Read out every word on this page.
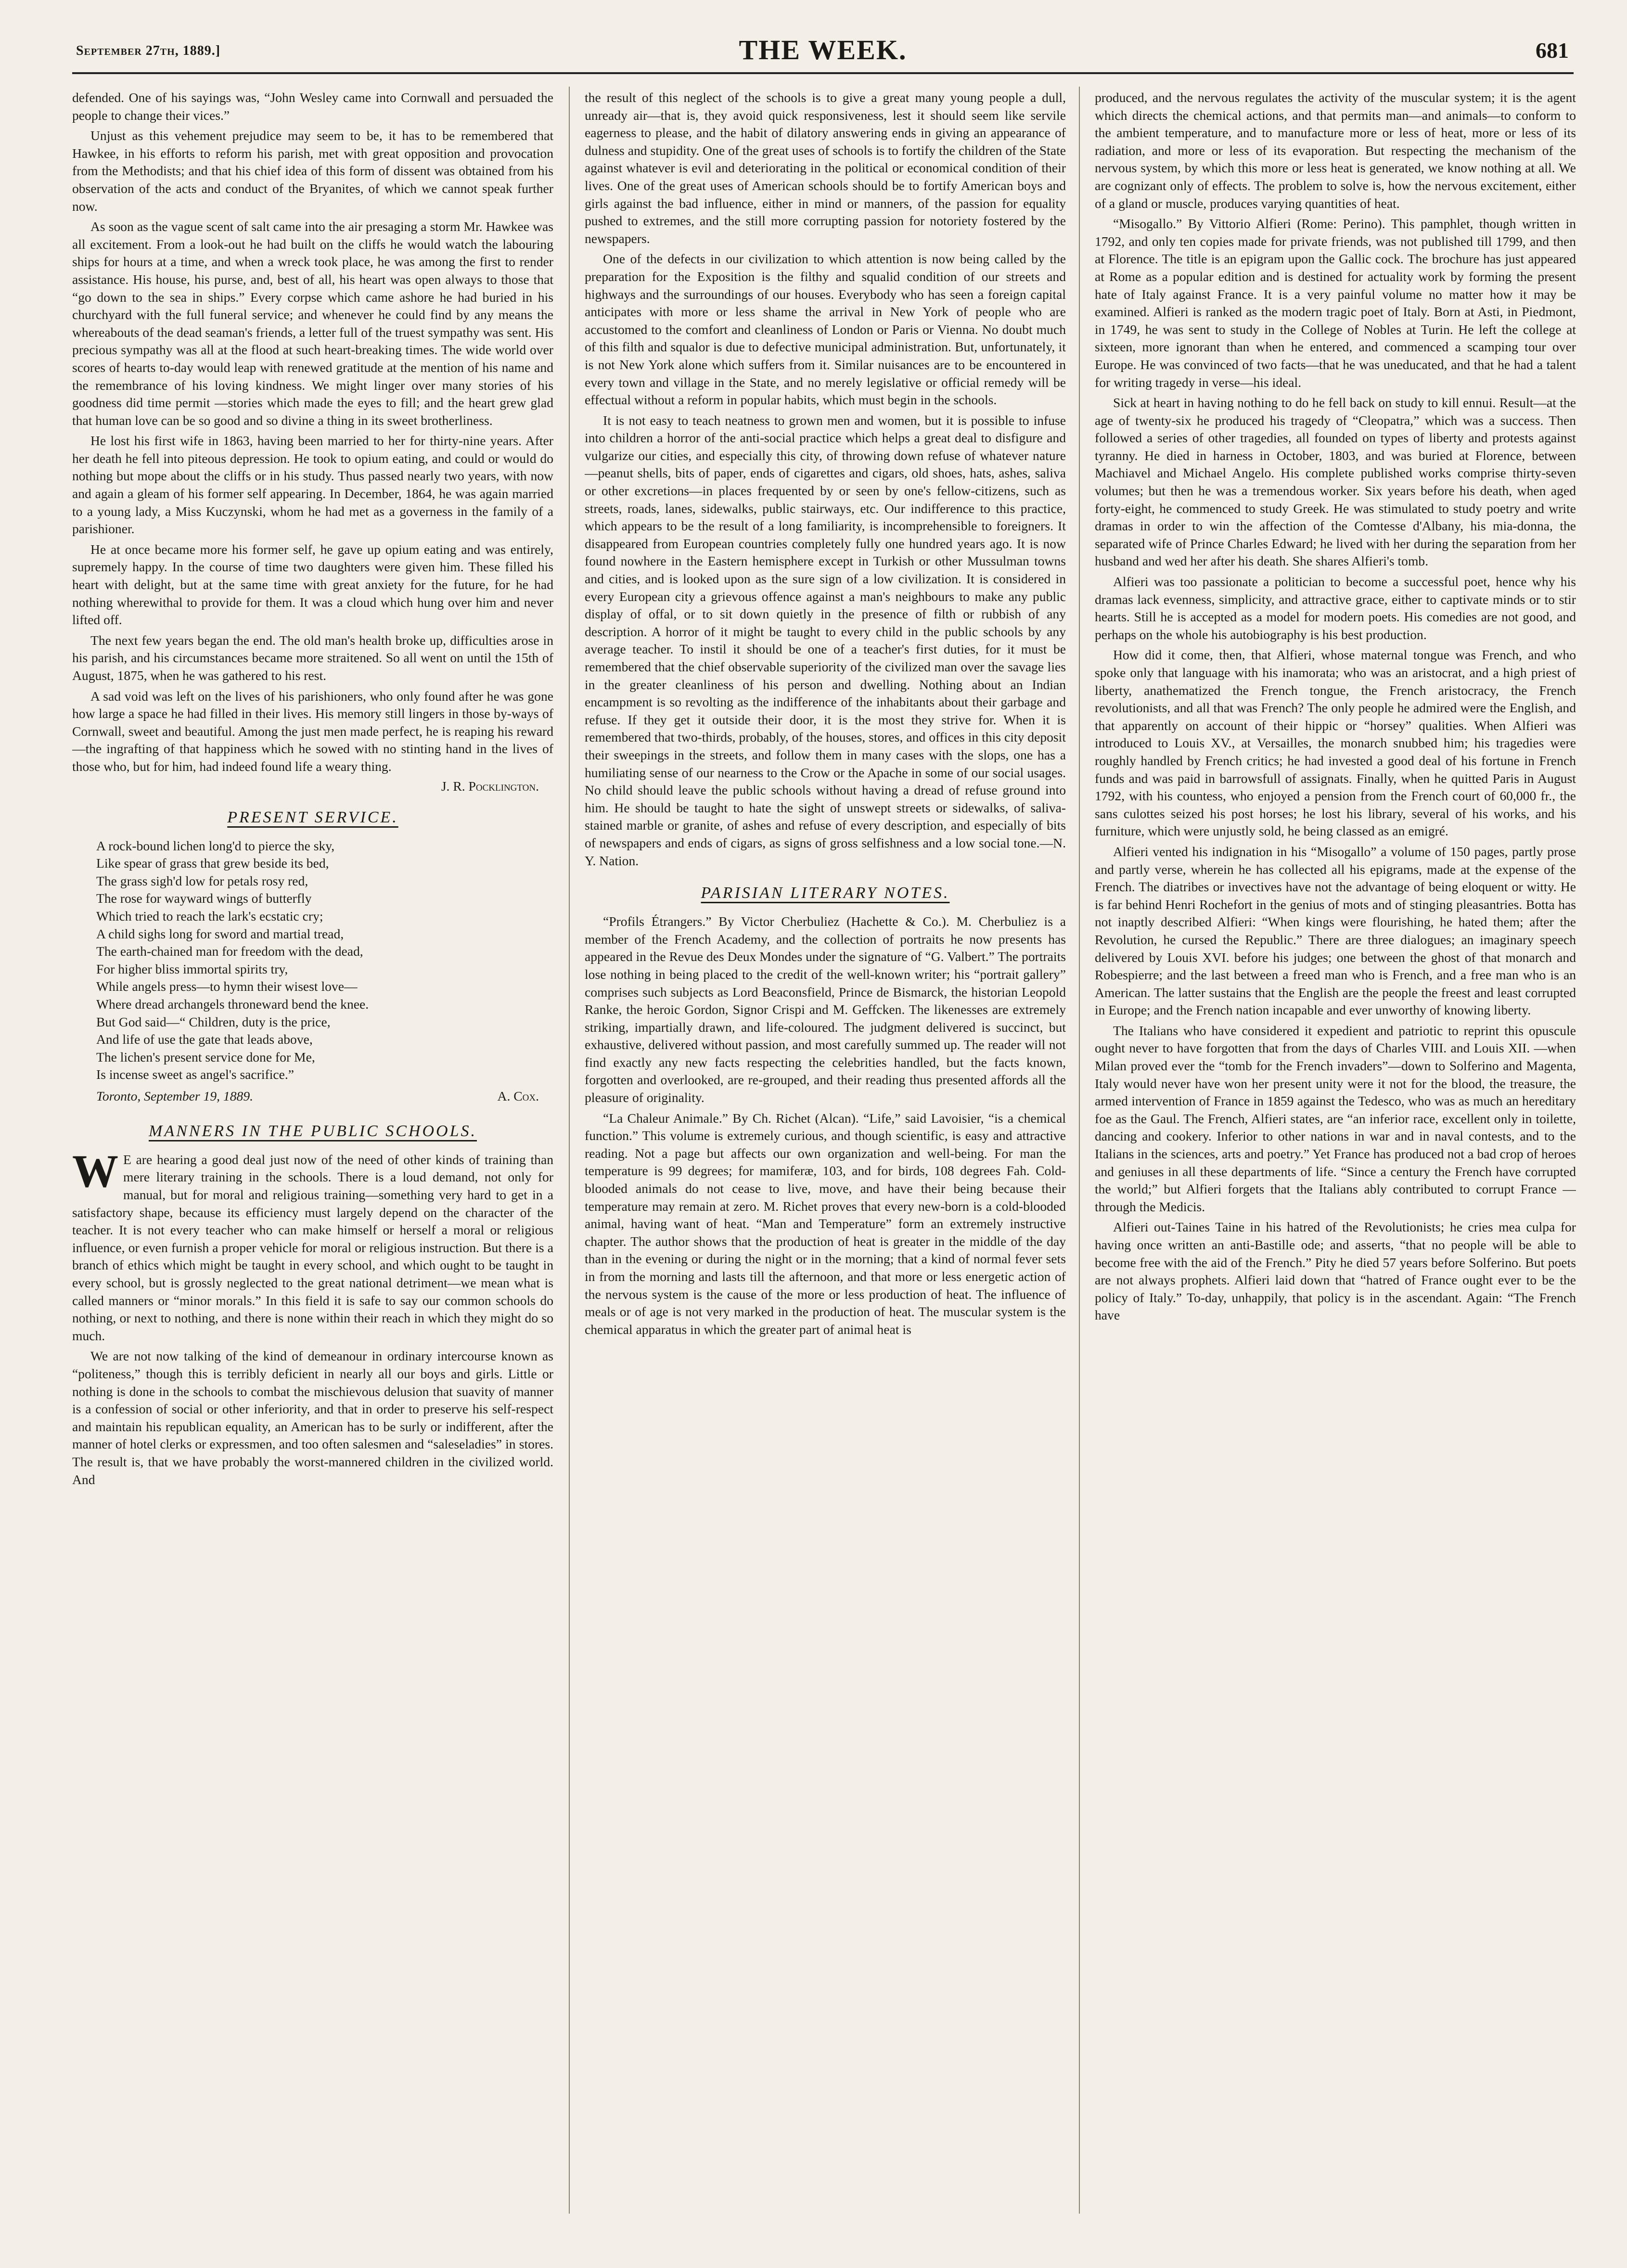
September 27th, 1889.]	THE WEEK.	681

defended. One of his sayings was, “John Wesley came into Cornwall and persuaded the people to change their vices.”

Unjust as this vehement prejudice may seem to be, it has to be remembered that Hawkee, in his efforts to reform his parish, met with great opposition and provocation from the Methodists; and that his chief idea of this form of dissent was obtained from his observation of the acts and conduct of the Bryanites, of which we cannot speak further now.

As soon as the vague scent of salt came into the air presaging a storm Mr. Hawkee was all excitement. From a look-out he had built on the cliffs he would watch the labouring ships for hours at a time, and when a wreck took place, he was among the first to render assistance. His house, his purse, and, best of all, his heart was open always to those that “go down to the sea in ships.” Every corpse which came ashore he had buried in his churchyard with the full funeral service; and whenever he could find by any means the whereabouts of the dead seaman's friends, a letter full of the truest sympathy was sent. His precious sympathy was all at the flood at such heart-breaking times. The wide world over scores of hearts to-day would leap with renewed gratitude at the mention of his name and the remembrance of his loving kindness. We might linger over many stories of his goodness did time permit —stories which made the eyes to fill; and the heart grew glad that human love can be so good and so divine a thing in its sweet brotherliness.

He lost his first wife in 1863, having been married to her for thirty-nine years. After her death he fell into piteous depression. He took to opium eating, and could or would do nothing but mope about the cliffs or in his study. Thus passed nearly two years, with now and again a gleam of his former self appearing. In December, 1864, he was again married to a young lady, a Miss Kuczynski, whom he had met as a governess in the family of a parishioner.

He at once became more his former self, he gave up opium eating and was entirely, supremely happy. In the course of time two daughters were given him. These filled his heart with delight, but at the same time with great anxiety for the future, for he had nothing wherewithal to provide for them. It was a cloud which hung over him and never lifted off.

The next few years began the end. The old man's health broke up, difficulties arose in his parish, and his circumstances became more straitened. So all went on until the 15th of August, 1875, when he was gathered to his rest.

A sad void was left on the lives of his parishioners, who only found after he was gone how large a space he had filled in their lives. His memory still lingers in those by-ways of Cornwall, sweet and beautiful. Among the just men made perfect, he is reaping his reward—the ingrafting of that happiness which he sowed with no stinting hand in the lives of those who, but for him, had indeed found life a weary thing.

J. R. Pocklington.
PRESENT SERVICE.
A rock-bound lichen long'd to pierce the sky,
Like spear of grass that grew beside its bed,
The grass sigh'd low for petals rosy red,
The rose for wayward wings of butterfly
Which tried to reach the lark's ecstatic cry;
A child sighs long for sword and martial tread,
The earth-chained man for freedom with the dead,
For higher bliss immortal spirits try,
While angels press—to hymn their wisest love—
Where dread archangels throneward bend the knee.
But God said—“ Children, duty is the price,
And life of use the gate that leads above,
The lichen's present service done for Me,
Is incense sweet as angel's sacrifice.”
Toronto, September 19, 1889.	A. Cox.
MANNERS IN THE PUBLIC SCHOOLS.

W E are hearing a good deal just now of the need of other kinds of training than mere literary training in the schools. There is a loud demand, not only for manual, but for moral and religious training—something very hard to get in a satisfactory shape, because its efficiency must largely depend on the character of the teacher. It is not every teacher who can make himself or herself a moral or religious influence, or even furnish a proper vehicle for moral or religious instruction. But there is a branch of ethics which might be taught in every school, and which ought to be taught in every school, but is grossly neglected to the great national detriment—we mean what is called manners or “minor morals.” In this field it is safe to say our common schools do nothing, or next to nothing, and there is none within their reach in which they might do so much.

We are not now talking of the kind of demeanour in ordinary intercourse known as “politeness,” though this is terribly deficient in nearly all our boys and girls. Little or nothing is done in the schools to combat the mischievous delusion that suavity of manner is a confession of social or other inferiority, and that in order to preserve his self-respect and maintain his republican equality, an American has to be surly or indifferent, after the manner of hotel clerks or expressmen, and too often salesmen and “saleseladies” in stores. The result is, that we have probably the worst-mannered children in the civilized world. And

the result of this neglect of the schools is to give a great many young people a dull, unready air—that is, they avoid quick responsiveness, lest it should seem like servile eagerness to please, and the habit of dilatory answering ends in giving an appearance of dulness and stupidity. One of the great uses of schools is to fortify the children of the State against whatever is evil and deteriorating in the political or economical condition of their lives. One of the great uses of American schools should be to fortify American boys and girls against the bad influence, either in mind or manners, of the passion for equality pushed to extremes, and the still more corrupting passion for notoriety fostered by the newspapers.

One of the defects in our civilization to which attention is now being called by the preparation for the Exposition is the filthy and squalid condition of our streets and highways and the surroundings of our houses. Everybody who has seen a foreign capital anticipates with more or less shame the arrival in New York of people who are accustomed to the comfort and cleanliness of London or Paris or Vienna. No doubt much of this filth and squalor is due to defective municipal administration. But, unfortunately, it is not New York alone which suffers from it. Similar nuisances are to be encountered in every town and village in the State, and no merely legislative or official remedy will be effectual without a reform in popular habits, which must begin in the schools.

It is not easy to teach neatness to grown men and women, but it is possible to infuse into children a horror of the anti-social practice which helps a great deal to disfigure and vulgarize our cities, and especially this city, of throwing down refuse of whatever nature—peanut shells, bits of paper, ends of cigarettes and cigars, old shoes, hats, ashes, saliva or other excretions—in places frequented by or seen by one's fellow-citizens, such as streets, roads, lanes, sidewalks, public stairways, etc. Our indifference to this practice, which appears to be the result of a long familiarity, is incomprehensible to foreigners. It disappeared from European countries completely fully one hundred years ago. It is now found nowhere in the Eastern hemisphere except in Turkish or other Mussulman towns and cities, and is looked upon as the sure sign of a low civilization. It is considered in every European city a grievous offence against a man's neighbours to make any public display of offal, or to sit down quietly in the presence of filth or rubbish of any description. A horror of it might be taught to every child in the public schools by any average teacher. To instil it should be one of a teacher's first duties, for it must be remembered that the chief observable superiority of the civilized man over the savage lies in the greater cleanliness of his person and dwelling. Nothing about an Indian encampment is so revolting as the indifference of the inhabitants about their garbage and refuse. If they get it outside their door, it is the most they strive for. When it is remembered that two-thirds, probably, of the houses, stores, and offices in this city deposit their sweepings in the streets, and follow them in many cases with the slops, one has a humiliating sense of our nearness to the Crow or the Apache in some of our social usages. No child should leave the public schools without having a dread of refuse ground into him. He should be taught to hate the sight of unswept streets or sidewalks, of saliva-stained marble or granite, of ashes and refuse of every description, and especially of bits of newspapers and ends of cigars, as signs of gross selfishness and a low social tone.—N. Y. Nation.

PARISIAN LITERARY NOTES.

“Profils Étrangers.” By Victor Cherbuliez (Hachette & Co.). M. Cherbuliez is a member of the French Academy, and the collection of portraits he now presents has appeared in the Revue des Deux Mondes under the signature of “G. Valbert.” The portraits lose nothing in being placed to the credit of the well-known writer; his “portrait gallery” comprises such subjects as Lord Beaconsfield, Prince de Bismarck, the historian Leopold Ranke, the heroic Gordon, Signor Crispi and M. Geffcken. The likenesses are extremely striking, impartially drawn, and life-coloured. The judgment delivered is succinct, but exhaustive, delivered without passion, and most carefully summed up. The reader will not find exactly any new facts respecting the celebrities handled, but the facts known, forgotten and overlooked, are re-grouped, and their reading thus presented affords all the pleasure of originality.

“La Chaleur Animale.” By Ch. Richet (Alcan). “Life,” said Lavoisier, “is a chemical function.” This volume is extremely curious, and though scientific, is easy and attractive reading. Not a page but affects our own organization and well-being. For man the temperature is 99 degrees; for mamiferæ, 103, and for birds, 108 degrees Fah. Cold-blooded animals do not cease to live, move, and have their being because their temperature may remain at zero. M. Richet proves that every new-born is a cold-blooded animal, having want of heat. “Man and Temperature” form an extremely instructive chapter. The author shows that the production of heat is greater in the middle of the day than in the evening or during the night or in the morning; that a kind of normal fever sets in from the morning and lasts till the afternoon, and that more or less energetic action of the nervous system is the cause of the more or less production of heat. The influence of meals or of age is not very marked in the production of heat. The muscular system is the chemical apparatus in which the greater part of animal heat is

produced, and the nervous regulates the activity of the muscular system; it is the agent which directs the chemical actions, and that permits man—and animals—to conform to the ambient temperature, and to manufacture more or less of heat, more or less of its radiation, and more or less of its evaporation. But respecting the mechanism of the nervous system, by which this more or less heat is generated, we know nothing at all. We are cognizant only of effects. The problem to solve is, how the nervous excitement, either of a gland or muscle, produces varying quantities of heat.

“Misogallo.” By Vittorio Alfieri (Rome: Perino). This pamphlet, though written in 1792, and only ten copies made for private friends, was not published till 1799, and then at Florence. The title is an epigram upon the Gallic cock. The brochure has just appeared at Rome as a popular edition and is destined for actuality work by forming the present hate of Italy against France. It is a very painful volume no matter how it may be examined. Alfieri is ranked as the modern tragic poet of Italy. Born at Asti, in Piedmont, in 1749, he was sent to study in the College of Nobles at Turin. He left the college at sixteen, more ignorant than when he entered, and commenced a scamping tour over Europe. He was convinced of two facts—that he was uneducated, and that he had a talent for writing tragedy in verse—his ideal.

Sick at heart in having nothing to do he fell back on study to kill ennui. Result—at the age of twenty-six he produced his tragedy of “Cleopatra,” which was a success. Then followed a series of other tragedies, all founded on types of liberty and protests against tyranny. He died in harness in October, 1803, and was buried at Florence, between Machiavel and Michael Angelo. His complete published works comprise thirty-seven volumes; but then he was a tremendous worker. Six years before his death, when aged forty-eight, he commenced to study Greek. He was stimulated to study poetry and write dramas in order to win the affection of the Comtesse d'Albany, his mia-donna, the separated wife of Prince Charles Edward; he lived with her during the separation from her husband and wed her after his death. She shares Alfieri's tomb.

Alfieri was too passionate a politician to become a successful poet, hence why his dramas lack evenness, simplicity, and attractive grace, either to captivate minds or to stir hearts. Still he is accepted as a model for modern poets. His comedies are not good, and perhaps on the whole his autobiography is his best production.

How did it come, then, that Alfieri, whose maternal tongue was French, and who spoke only that language with his inamorata; who was an aristocrat, and a high priest of liberty, anathematized the French tongue, the French aristocracy, the French revolutionists, and all that was French? The only people he admired were the English, and that apparently on account of their hippic or “horsey” qualities. When Alfieri was introduced to Louis XV., at Versailles, the monarch snubbed him; his tragedies were roughly handled by French critics; he had invested a good deal of his fortune in French funds and was paid in barrowsfull of assignats. Finally, when he quitted Paris in August 1792, with his countess, who enjoyed a pension from the French court of 60,000 fr., the sans culottes seized his post horses; he lost his library, several of his works, and his furniture, which were unjustly sold, he being classed as an emigré.

Alfieri vented his indignation in his “Misogallo” a volume of 150 pages, partly prose and partly verse, wherein he has collected all his epigrams, made at the expense of the French. The diatribes or invectives have not the advantage of being eloquent or witty. He is far behind Henri Rochefort in the genius of mots and of stinging pleasantries. Botta has not inaptly described Alfieri: “When kings were flourishing, he hated them; after the Revolution, he cursed the Republic.” There are three dialogues; an imaginary speech delivered by Louis XVI. before his judges; one between the ghost of that monarch and Robespierre; and the last between a freed man who is French, and a free man who is an American. The latter sustains that the English are the people the freest and least corrupted in Europe; and the French nation incapable and ever unworthy of knowing liberty.

The Italians who have considered it expedient and patriotic to reprint this opuscule ought never to have forgotten that from the days of Charles VIII. and Louis XII. —when Milan proved ever the “tomb for the French invaders”—down to Solferino and Magenta, Italy would never have won her present unity were it not for the blood, the treasure, the armed intervention of France in 1859 against the Tedesco, who was as much an hereditary foe as the Gaul. The French, Alfieri states, are “an inferior race, excellent only in toilette, dancing and cookery. Inferior to other nations in war and in naval contests, and to the Italians in the sciences, arts and poetry.” Yet France has produced not a bad crop of heroes and geniuses in all these departments of life. “Since a century the French have corrupted the world;” but Alfieri forgets that the Italians ably contributed to corrupt France —through the Medicis.

Alfieri out-Taines Taine in his hatred of the Revolutionists; he cries mea culpa for having once written an anti-Bastille ode; and asserts, “that no people will be able to become free with the aid of the French.” Pity he died 57 years before Solferino. But poets are not always prophets. Alfieri laid down that “hatred of France ought ever to be the policy of Italy.” To-day, unhappily, that policy is in the ascendant. Again: “The French have
